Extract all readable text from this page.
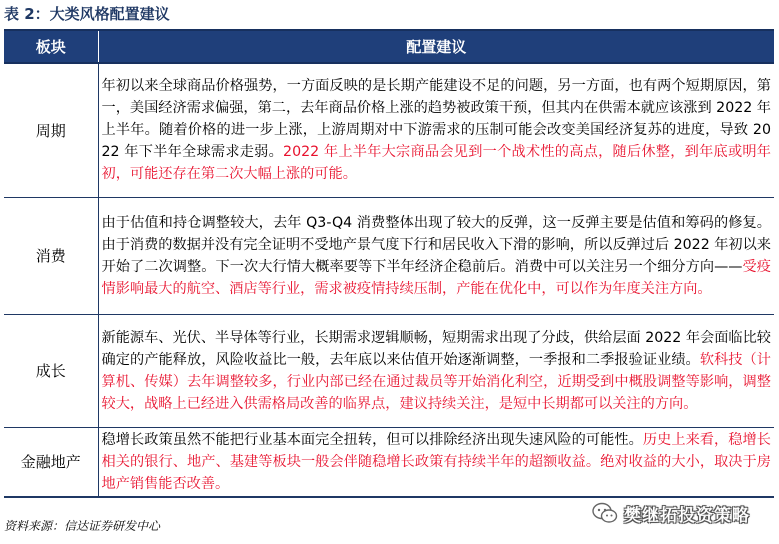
表 2：大类风格配置建议
板块	配置建议
周期	年初以来全球商品价格强势，一方面反映的是长期产能建设不足的问题，另一方面，也有两个短期原因，第一，美国经济需求偏强，第二，去年商品价格上涨的趋势被政策干预，但其内在供需本就应该涨到 2022 年上半年。随着价格的进一步上涨，上游周期对中下游需求的压制可能会改变美国经济复苏的进度，导致 2022 年下半年全球需求走弱。2022 年上半年大宗商品会见到一个战术性的高点，随后休整，到年底或明年初，可能还存在第二次大幅上涨的可能。
消费	由于估值和持仓调整较大，去年 Q3-Q4 消费整体出现了较大的反弹，这一反弹主要是估值和筹码的修复。由于消费的数据并没有完全证明不受地产景气度下行和居民收入下滑的影响，所以反弹过后 2022 年初以来开始了二次调整。下一次大行情大概率要等下半年经济企稳前后。消费中可以关注另一个细分方向——受疫情影响最大的航空、酒店等行业，需求被疫情持续压制，产能在优化中，可以作为年度关注方向。
成长	新能源车、光伏、半导体等行业，长期需求逻辑顺畅，短期需求出现了分歧，供给层面 2022 年会面临比较确定的产能释放，风险收益比一般，去年底以来估值开始逐渐调整，一季报和二季报验证业绩。软科技（计算机、传媒）去年调整较多，行业内部已经在通过裁员等开始消化利空，近期受到中概股调整等影响，调整较大，战略上已经进入供需格局改善的临界点，建议持续关注，是短中长期都可以关注的方向。
金融地产	稳增长政策虽然不能把行业基本面完全扭转，但可以排除经济出现失速风险的可能性。历史上来看，稳增长相关的银行、地产、基建等板块一般会伴随稳增长政策有持续半年的超额收益。绝对收益的大小，取决于房地产销售能否改善。
资料来源：信达证券研发中心
樊继拓投资策略
